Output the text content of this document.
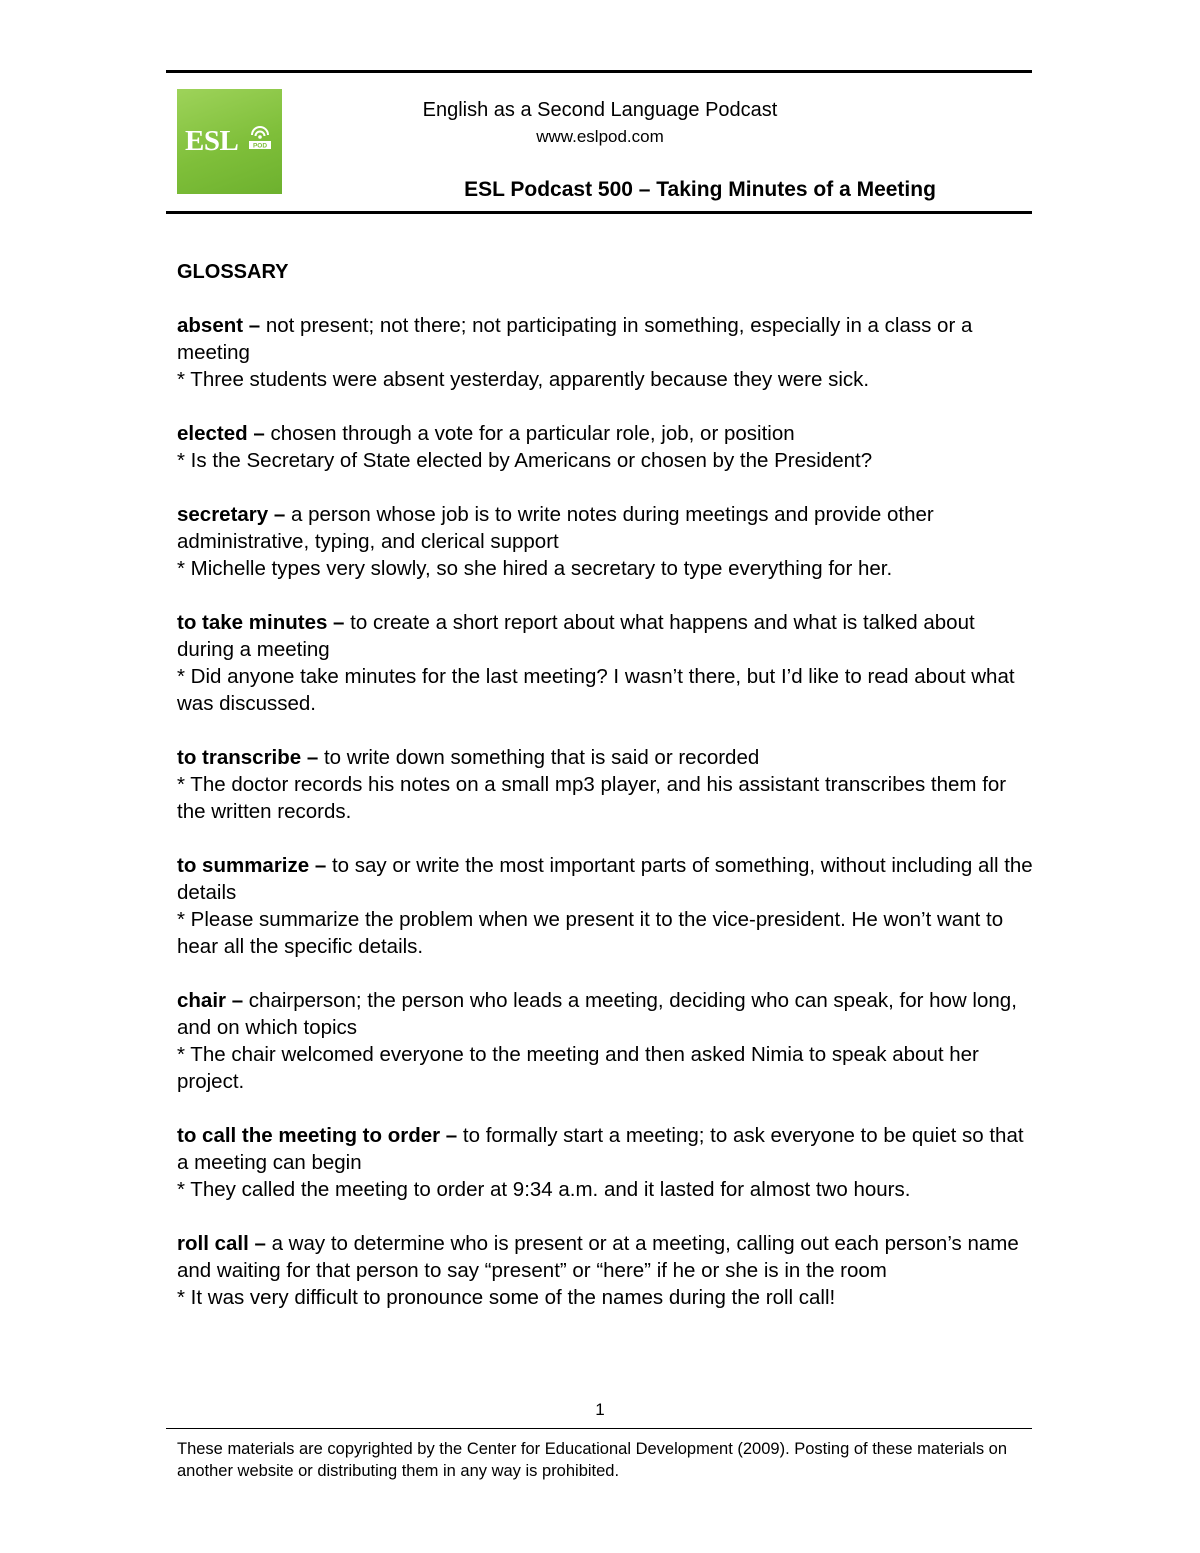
ESL POD
English as a Second Language Podcast
www.eslpod.com
ESL Podcast 500 – Taking Minutes of a Meeting
GLOSSARY

absent – not present; not there; not participating in something, especially in a class or a meeting

* Three students were absent yesterday, apparently because they were sick.

elected – chosen through a vote for a particular role, job, or position

* Is the Secretary of State elected by Americans or chosen by the President?

secretary – a person whose job is to write notes during meetings and provide other administrative, typing, and clerical support

* Michelle types very slowly, so she hired a secretary to type everything for her.

to take minutes – to create a short report about what happens and what is talked about during a meeting

* Did anyone take minutes for the last meeting? I wasn’t there, but I’d like to read about what was discussed.

to transcribe – to write down something that is said or recorded

* The doctor records his notes on a small mp3 player, and his assistant transcribes them for the written records.

to summarize – to say or write the most important parts of something, without including all the details

* Please summarize the problem when we present it to the vice-president. He won’t want to hear all the specific details.

chair – chairperson; the person who leads a meeting, deciding who can speak, for how long, and on which topics

* The chair welcomed everyone to the meeting and then asked Nimia to speak about her project.

to call the meeting to order – to formally start a meeting; to ask everyone to be quiet so that a meeting can begin

* They called the meeting to order at 9:34 a.m. and it lasted for almost two hours.

roll call – a way to determine who is present or at a meeting, calling out each person’s name and waiting for that person to say “present” or “here” if he or she is in the room

* It was very difficult to pronounce some of the names during the roll call!

1
These materials are copyrighted by the Center for Educational Development (2009). Posting of these materials on another website or distributing them in any way is prohibited.
